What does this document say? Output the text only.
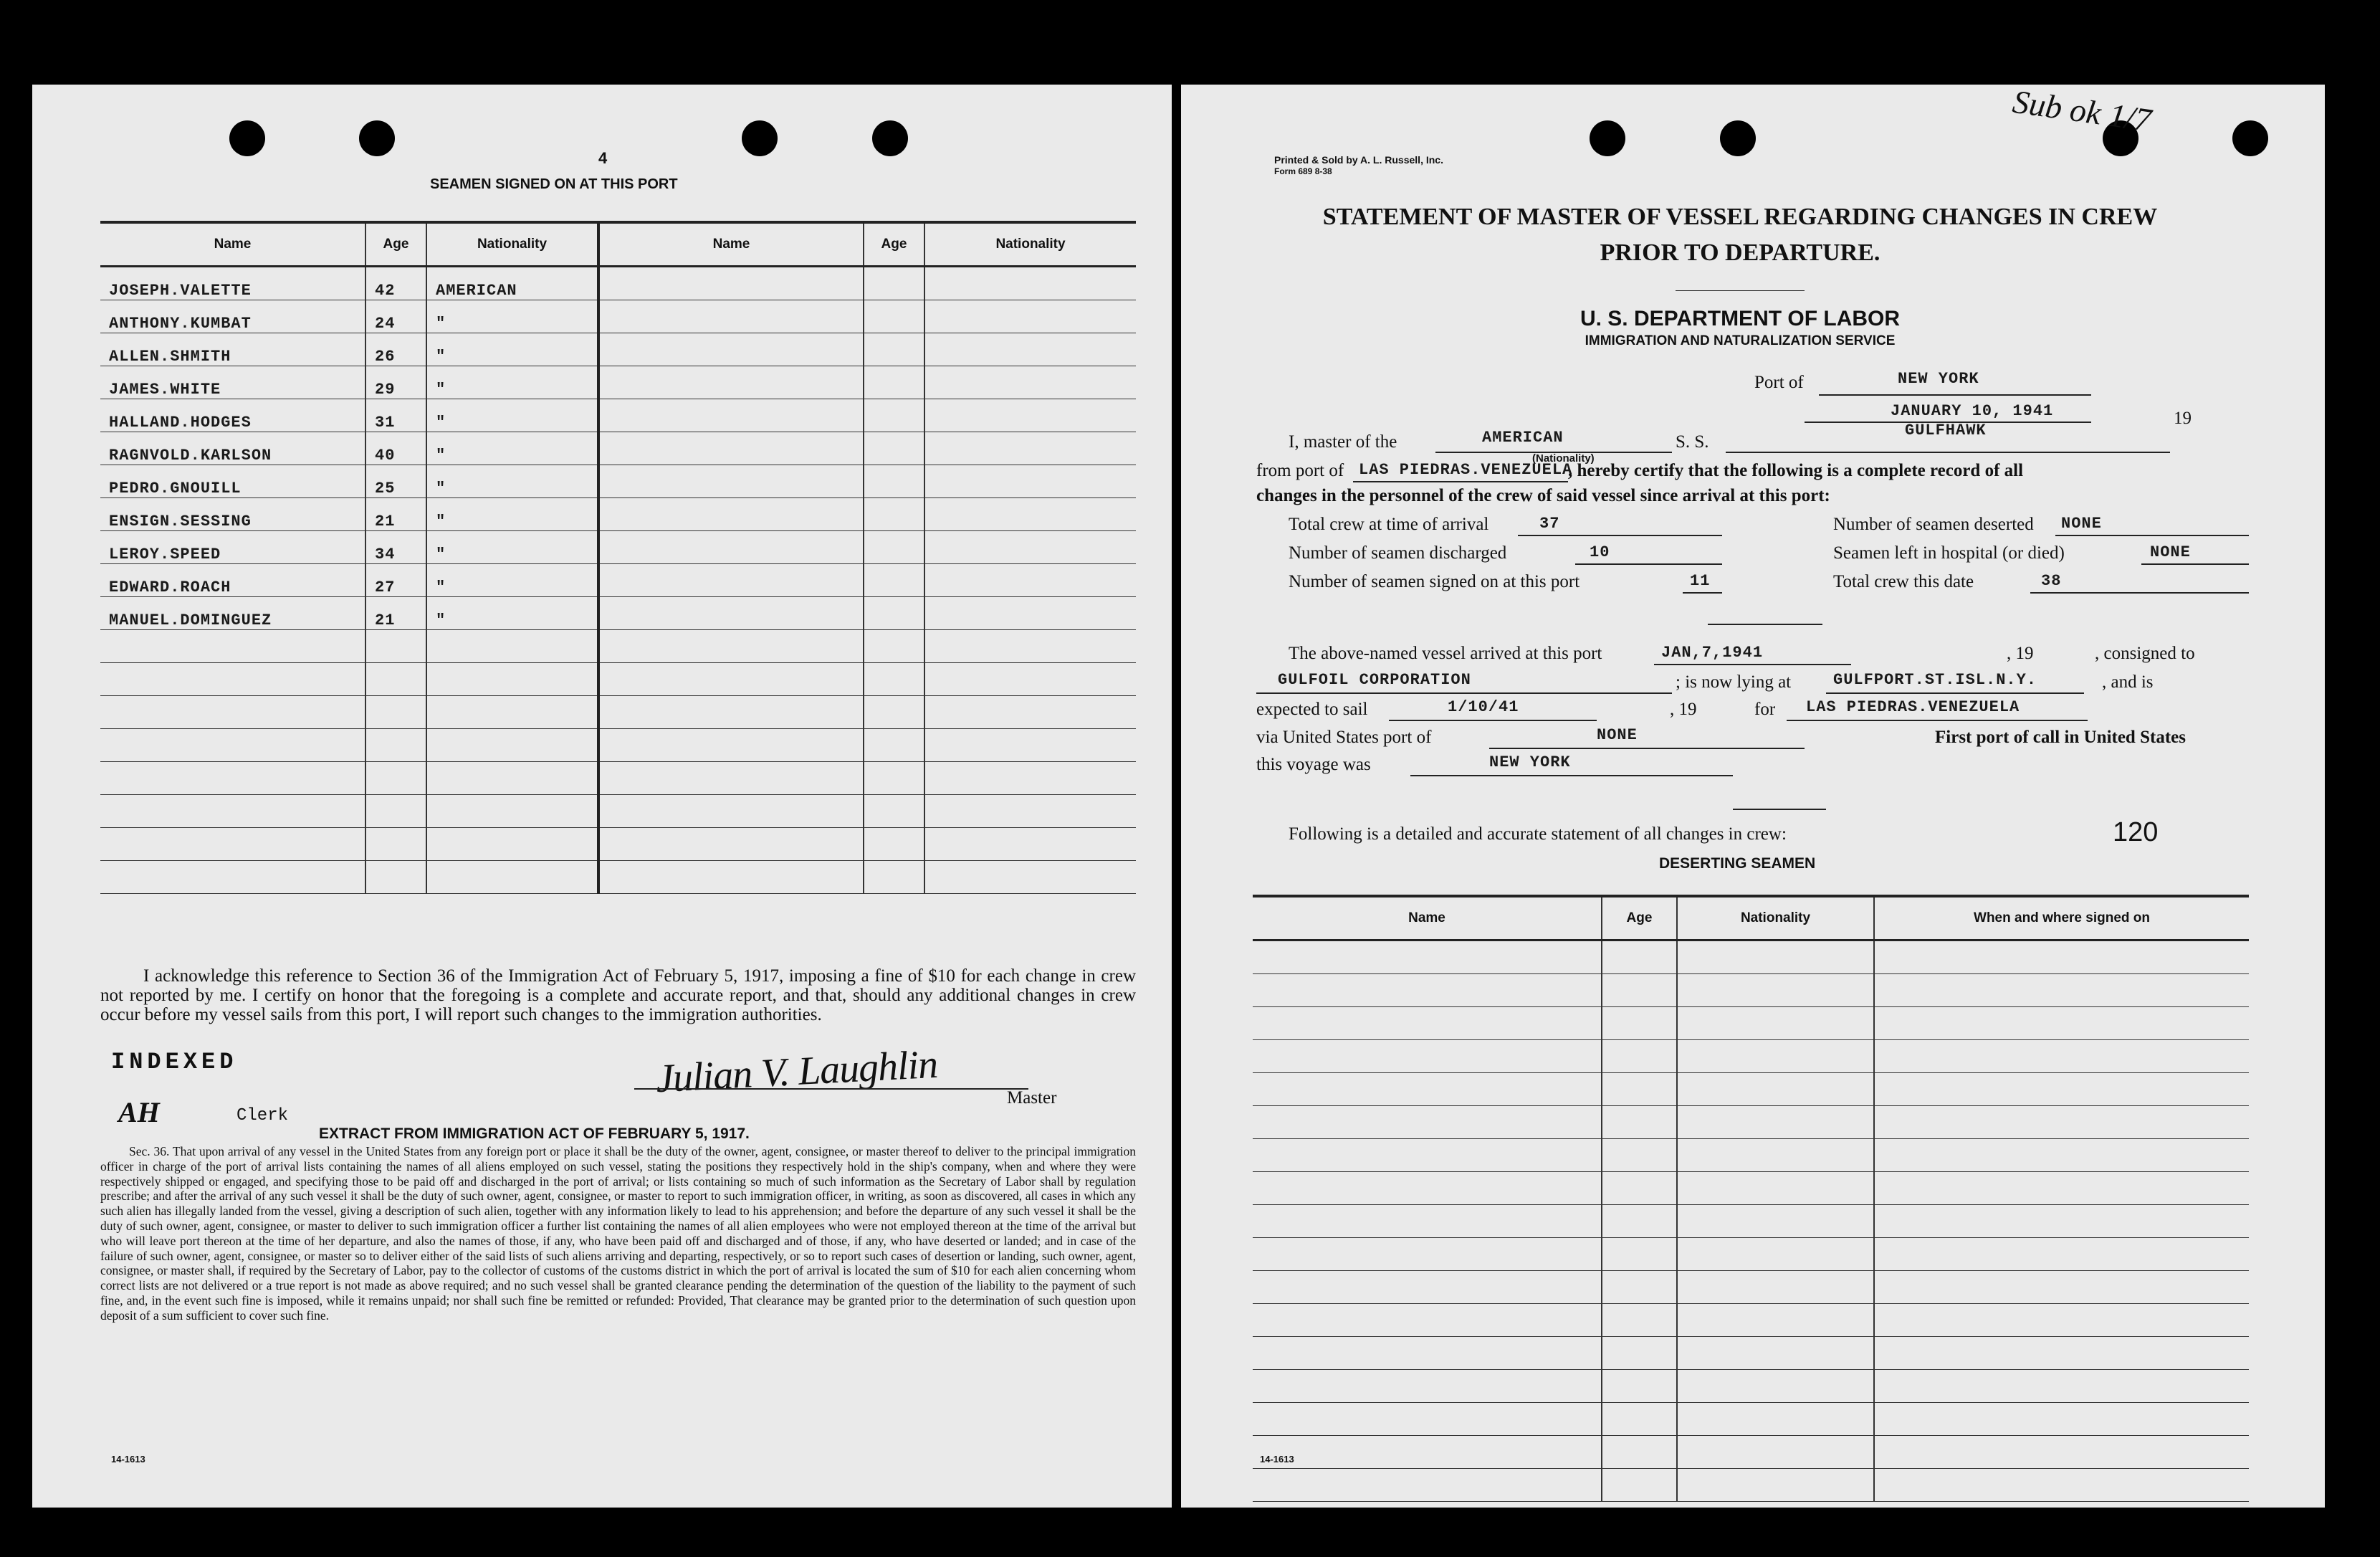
4
SEAMEN SIGNED ON AT THIS PORT
Name	Age	Nationality	Name	Age	Nationality
JOSEPH.VALETTE	42	AMERICAN			
ANTHONY.KUMBAT	24	"			
ALLEN.SHMITH	26	"			
JAMES.WHITE	29	"			
HALLAND.HODGES	31	"			
RAGNVOLD.KARLSON	40	"			
PEDRO.GNOUILL	25	"			
ENSIGN.SESSING	21	"			
LEROY.SPEED	34	"			
EDWARD.ROACH	27	"			
MANUEL.DOMINGUEZ	21	"			

I acknowledge this reference to Section 36 of the Immigration Act of February 5, 1917, imposing a fine of $10 for each change in crew not reported by me. I certify on honor that the foregoing is a complete and accurate report, and that, should any additional changes in crew occur before my vessel sails from this port, I will report such changes to the immigration authorities.
INDEXED
AH	Clerk
Julian V. Laughlin	Master
EXTRACT FROM IMMIGRATION ACT OF FEBRUARY 5, 1917.
Sec. 36. That upon arrival of any vessel in the United States from any foreign port or place it shall be the duty of the owner, agent, consignee, or master thereof to deliver to the principal immigration officer in charge of the port of arrival lists containing the names of all aliens employed on such vessel, stating the positions they respectively hold in the ship's company, when and where they were respectively shipped or engaged, and specifying those to be paid off and discharged in the port of arrival; or lists containing so much of such information as the Secretary of Labor shall by regulation prescribe; and after the arrival of any such vessel it shall be the duty of such owner, agent, consignee, or master to report to such immigration officer, in writing, as soon as discovered, all cases in which any such alien has illegally landed from the vessel, giving a description of such alien, together with any information likely to lead to his apprehension; and before the departure of any such vessel it shall be the duty of such owner, agent, consignee, or master to deliver to such immigration officer a further list containing the names of all alien employees who were not employed thereon at the time of the arrival but who will leave port thereon at the time of her departure, and also the names of those, if any, who have been paid off and discharged and of those, if any, who have deserted or landed; and in case of the failure of such owner, agent, consignee, or master so to deliver either of the said lists of such aliens arriving and departing, respectively, or so to report such cases of desertion or landing, such owner, agent, consignee, or master shall, if required by the Secretary of Labor, pay to the collector of customs of the customs district in which the port of arrival is located the sum of $10 for each alien concerning whom correct lists are not delivered or a true report is not made as above required; and no such vessel shall be granted clearance pending the determination of the question of the liability to the payment of such fine, and, in the event such fine is imposed, while it remains unpaid; nor shall such fine be remitted or refunded: Provided, That clearance may be granted prior to the determination of such question upon deposit of a sum sufficient to cover such fine.
14-1613
Sub ok 1/7
Printed & Sold by A. L. Russell, Inc.
Form 689 8-38
STATEMENT OF MASTER OF VESSEL REGARDING CHANGES IN CREW
PRIOR TO DEPARTURE.
U. S. DEPARTMENT OF LABOR
IMMIGRATION AND NATURALIZATION SERVICE
Port of	NEW YORK
JANUARY 10, 1941	19
I, master of the	AMERICAN
(Nationality)
S. S.
GULFHAWK
from port of LAS PIEDRAS.VENEZUELA
, hereby certify that the following is a complete record of all
changes in the personnel of the crew of said vessel since arrival at this port:
Total crew at time of arrival	37
Number of seamen discharged	10
Number of seamen signed on at this port	11
Number of seamen deserted NONE
Seamen left in hospital (or died)	NONE
Total crew this date	38
The above-named vessel arrived at this port	JAN,7,1941	, 19	, consigned to
GULFOIL CORPORATION	; is now lying at	GULFPORT.ST.ISL.N.Y.	, and is
expected to sail	1/10/41	, 19	for LAS PIEDRAS.VENEZUELA
via United States port of	NONE	First port of call in United States
this voyage was	NEW YORK
Following is a detailed and accurate statement of all changes in crew:	120
DESERTING SEAMEN
Name	Age	Nationality	When and where signed on

14-1613
